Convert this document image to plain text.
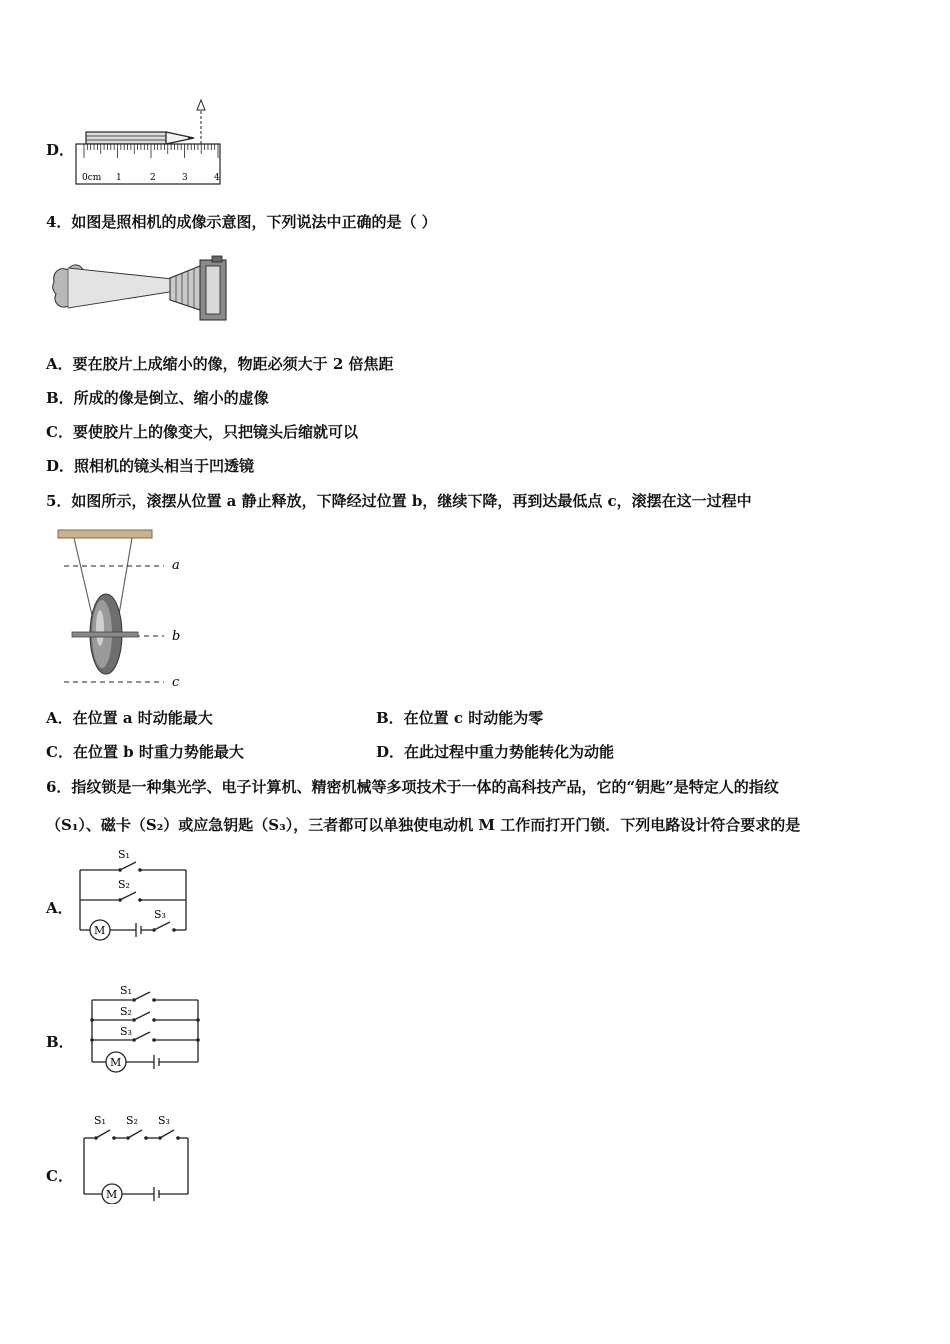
D．
0cm 1	2	3	4
4．如图是照相机的成像示意图，下列说法中正确的是（ ）
A．要在胶片上成缩小的像，物距必须大于 2 倍焦距
B．所成的像是倒立、缩小的虚像
C．要使胶片上的像变大，只把镜头后缩就可以
D．照相机的镜头相当于凹透镜
5．如图所示，滚摆从位置 a 静止释放，下降经过位置 b，继续下降，再到达最低点 c，滚摆在这一过程中
a
b
c
A．在位置 a 时动能最大	B．在位置 c 时动能为零
C．在位置 b 时重力势能最大	D．在此过程中重力势能转化为动能
6．指纹锁是一种集光学、电子计算机、精密机械等多项技术于一体的高科技产品，它的“钥匙”是特定人的指纹
（S₁）、磁卡（S₂）或应急钥匙（S₃），三者都可以单独使电动机 M 工作而打开门锁．下列电路设计符合要求的是
A．
S₁
S₂
S₃
M
B．
S₁
S₂
S₃
M
C．
S₁ S₂ S₃
M
